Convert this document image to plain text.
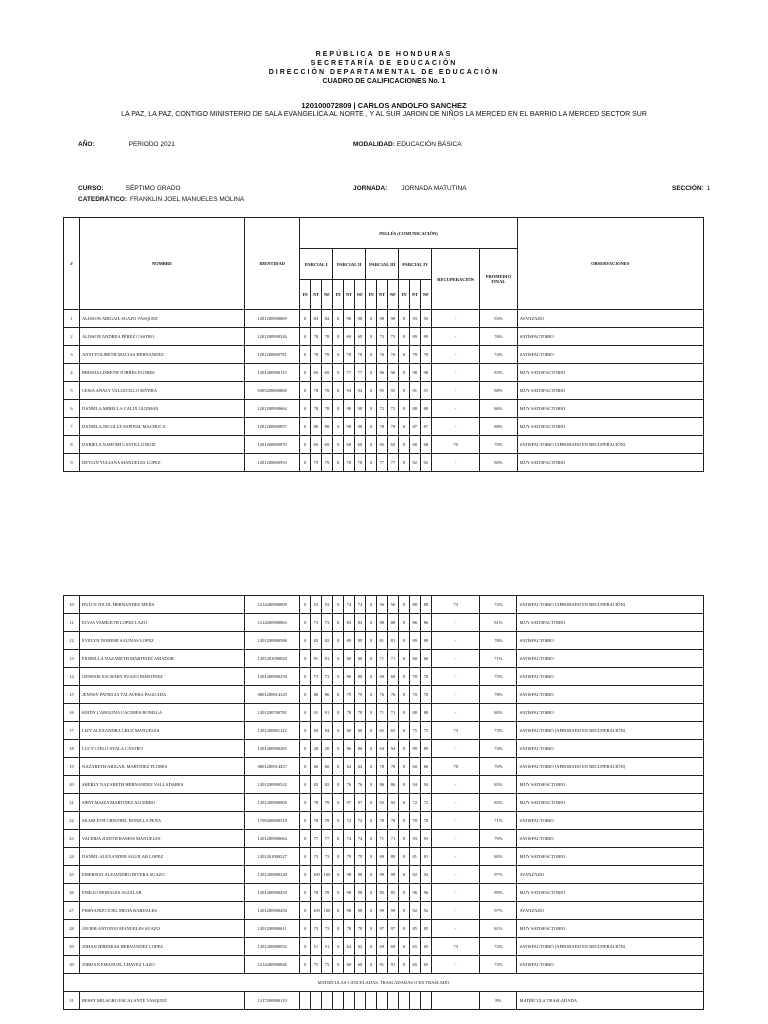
REPÚBLICA DE HONDURAS
SECRETARÍA DE EDUCACIÓN
DIRECCIÓN DEPARTAMENTAL DE EDUCACIÓN
CUADRO DE CALIFICACIONES No. 1
120100072809 | CARLOS ANDOLFO SANCHEZ
LA PAZ, LA PAZ, CONTIGO MINISTERIO DE SALA EVANGELICA AL NORTE , Y AL SUR JARDIN DE NIÑOS LA MERCED EN EL BARRIO LA MERCED SECTOR SUR
AÑO:	PERIODO 2021	MODALIDAD: EDUCACIÓN BÁSICA
CURSO:	SÉPTIMO GRADO	JORNADA: JORNADA MATUTINA	SECCIÓN: 1
CATEDRÁTICO: FRANKLIN JOEL MANUELES MOLINA
#	NOMBRE	IDENTIDAD	INGLÉS (COMUNICACIÓN)														OBSERVACIONES
			PARCIAL I			PARCIAL II			PARCIAL III			PARCIAL IV			RECUPERACIÓN	PROMEDIO FINAL	
			IN	NT	NF	IN	NT	NF	IN	NT	NF	IN	NT	NF			
1	ALISSON ABIGAIL SUAZO VASQUEZ	1201200900009	0	84	84	0	98	98	0	98	98	0	93	93	-	93%	AVANZADO
2	ALISSON ANDREA PÉREZ CASTRO	1201200900326	0	78	78	0	69	69	0	73	73	0	89	89	-	76%	SATISFACTORIO
3	ANYI YOLIBETH MACIAS HERNANDEZ	1201200800781	0	78	78	0	78	78	0	76	76	0	78	78	-	74%	SATISFACTORIO
4	BRISSIA LISBETH TORRES FLORES	1201200900115	0	69	69	0	77	77	0	96	96	0	98	98	-	83%	MUY SATISFACTORIO
5	CESIA ANALY VALLECILLO RIVERA	0305200800808	0	78	78	0	94	94	0	95	95	0	91	91	-	88%	MUY SATISFACTORIO
6	DANIELA MIRELLA CALIX GUZMAN	1201200900664	0	78	78	0	98	98	0	72	72	0	88	88	-	86%	MUY SATISFACTORIO
7	DANIELA NICOLLE ESPINAL MACHUCA	1201200900057	0	88	88	0	98	98	0	78	78	0	87	87	-	88%	MUY SATISFACTORIO
8	DARIELA NAHOMI CASTILLO RUIZ	1201200800070	0	69	69	0	60	60	0	65	65	0	68	68	70	70%	SATISFACTORIO [APROBADO EN RECUPERACIÓN]
9	DEYLIN YULIANA MANUELES LOPEZ	1201200800933	0	79	79	0	78	78	0	77	77	0	92	92	-	80%	MUY SATISFACTORIO
10	DULCE NICOL HERNANDEZ MEJIA	1214200900809	0	53	53	0	74	74	0	56	56	0	88	88	73	72%	SATISFACTORIO [APROBADO EN RECUPERACIÓN]
11	ELVIA YAMILETH LOPEZ LAZO	1214200900863	0	73	73	0	83	83	0	88	88	0	86	86	-	81%	MUY SATISFACTORIO
12	EVELYN NOHEMI SALINAS LOPEZ	1201200800586	0	82	82	0	89	89	0	81	81	0	89	89	-	78%	SATISFACTORIO
13	FIORELLA NAZARETH MARTINEZ AMADOR	1201201000820	0	91	91	0	60	60	0	71	71	0	60	60	-	71%	SATISFACTORIO
14	GENESIS SACHARY SUAZO MARTINEZ	1201200900250	0	73	73	0	80	80	0	69	69	0	78	78	-	75%	SATISFACTORIO
15	JENNSY PATRICIA TALAVERA PAGUADA	0801200814329	0	86	86	0	79	79	0	76	76	0	70	70	-	78%	SATISFACTORIO
16	KEIDY CAROLINA CACERES BONILLA	1201200700781	0	91	91	0	78	78	0	71	71	0	88	88	-	80%	SATISFACTORIO
17	LIZY ALEXANDRA CRUZ MANUELES	1201200801122	0	84	84	0	60	60	0	65	65	0	75	75	73	73%	SATISFACTORIO [APROBADO EN RECUPERACIÓN]
18	LUCY CIELO AYALA CASTRO	1201200900265	0	20	20	0	86	86	0	94	94	0	89	89	-	74%	SATISFACTORIO
19	NAZARETH ABIGAIL MARTINEZ FLORES	0801200914457	0	60	60	0	62	62	0	78	78	0	60	60	70	70%	SATISFACTORIO [APROBADO EN RECUPERACIÓN]
20	SHERLY NAZARETH HERNANDEZ VALLADARES	1201200900522	0	82	82	0	76	76	0	86	86	0	94	94	-	85%	MUY SATISFACTORIO
21	SIRYI MAIZA MARTINEZ ALCERRO	1201200900905	0	78	78	0	97	97	0	92	92	0	72	72	-	85%	MUY SATISFACTORIO
22	SKARLETH CRISTBEL BONILLA PEÑA	1709200600518	0	78	78	0	72	72	0	78	78	0	78	78	-	71%	SATISFACTORIO
23	VALERIA JUDITH RAMOS MANUELES	1201200900664	0	77	77	0	74	74	0	71	71	0	93	93	-	79%	SATISFACTORIO
24	DANIEL ALEXANDER AGUILAR LOPEZ	1201201000327	0	73	73	0	79	79	0	89	89	0	81	81	-	80%	MUY SATISFACTORIO
25	EMERSON ALEJANDRO RIVERA SUAZO	1201200800249	0	100	100	0	98	98	0	99	99	0	92	92	-	97%	AVANZADO
26	EMILIO MORALES AGUILAR	1201200900435	0	78	78	0	98	98	0	85	85	0	96	96	-	89%	MUY SATISFACTORIO
27	FERNANDO JOEL MEJIA BARDALES	1201200900450	0	100	100	0	98	98	0	99	99	0	92	92	-	97%	AVANZADO
28	JAVIER ANTONIO MANUELES SUAZO	1201200800611	0	73	73	0	78	78	0	97	97	0	85	85	-	81%	MUY SATISFACTORIO
29	JOHAN JEREMIAS HERNANDEZ LOPEZ	1201200800932	0	51	51	0	62	62	0	69	69	0	65	65	73	72%	SATISFACTORIO [APROBADO EN RECUPERACIÓN]
30	JORDAN EMANUEL CHAVEZ LAZO	1214200900846	0	75	75	0	60	60	0	91	91	0	65	65	-	73%	SATISFACTORIO
MATRÍCULAS CANCELADAS, TRASLADADAS O EN TRASLADO																	
31	BESSY MILAGRO ESCALANTE VASQUEZ	1217200800119														8%	MATRÍCULA TRASLADADA
